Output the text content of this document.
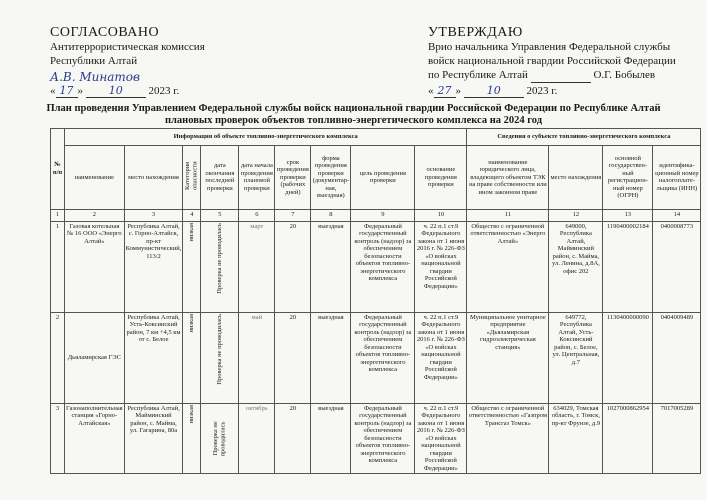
СОГЛАСОВАНО
Антитеррористическая комиссия
Республики Алтай
А.В. Минатов
« 17 » 10 2023 г.
УТВЕРЖДАЮ
Врио начальника Управления Федеральной службы
войск национальной гвардии Российской Федерации
по Республике Алтай	О.Г. Бобылев
« 27 » 10 2023 г.
План проведения Управлением Федеральной службы войск национальной гвардии Российской Федерации по Республике Алтай
плановых проверок объектов топливно-энергетического комплекса на 2024 год
№ п/п	Информация об объекте топливно-энергетического комплекса									Сведения о субъекте топливно-энергетического комплекса			
	наименование	место нахождения	Категория опасности	дата окончания последней проверки	дата начала проведения плановой проверки	срок проведения проверки (рабочих дней)	форма проведения проверки (документар-ная, выездная)	цель проведения проверки	основание проведения проверки	наименование юридического лица, владеющего объектом ТЭК на праве собственности или ином законном праве	место нахождения	основной государствен-ный регистрацион-ный номер (ОГРН)	идентифика-ционный номер налогоплате-льщика (ИНН)
1	2	3	4	5	6	7	8	9	10	11	12	13	14
1	Газовая котельная № 16 ООО «Энерго Алтай»	Республика Алтай, с. Горно-Алтайск, пр-кт Коммунистический, 113/2	низкая	Проверка не проводилась	март	20	выездная	Федеральный государственный контроль (надзор) за обеспечением безопасности объектов топливно-энергетического комплекса	ч. 22 п.1 ст.9 Федерального закона от 1 июня 2016 г. № 226-ФЗ «О войсках национальной гвардии Российской Федерации»	Общество с ограниченной ответственностью «Энерго Алтай»	649000, Республика Алтай, Майминский район, с. Майма, ул. Ленина, д.8А, офис 202	1190400002184	0400008773
2	Дьяламирская ГЭС	Республика Алтай, Усть-Коксинский район, 7 км +4,5 км от с. Белое	низкая	Проверка не проводилась	май	20	выездная	Федеральный государственный контроль (надзор) за обеспечением безопасности объектов топливно-энергетического комплекса	ч. 22 п.1 ст.9 Федерального закона от 1 июня 2016 г. № 226-ФЗ «О войсках национальной гвардии Российской Федерации»	Муниципальное унитарное предприятие «Дьяламирская гидроэлектрическая станция»	649772, Республика Алтай, Усть-Коксинский район, с. Белое, ул. Центральная, д.7	1130400000090	0404009489
3	Газонаполнительная станция «Горно-Алтайская»	Республика Алтай, Майминский район, с. Майма, ул. Гагарина, 80а	низкая	Проверка не проводилась	октябрь	20	выездная	Федеральный государственный контроль (надзор) за обеспечением безопасности объектов топливно-энергетического комплекса	ч. 22 п.1 ст.9 Федерального закона от 1 июня 2016 г. № 226-ФЗ «О войсках национальной гвардии Российской Федерации»	Общество с ограниченной ответственностью «Газпром Трансгаз Томск»	634029, Томская область, г. Томск, пр-кт Фрунзе, д.9	1027000862954	7017005289
